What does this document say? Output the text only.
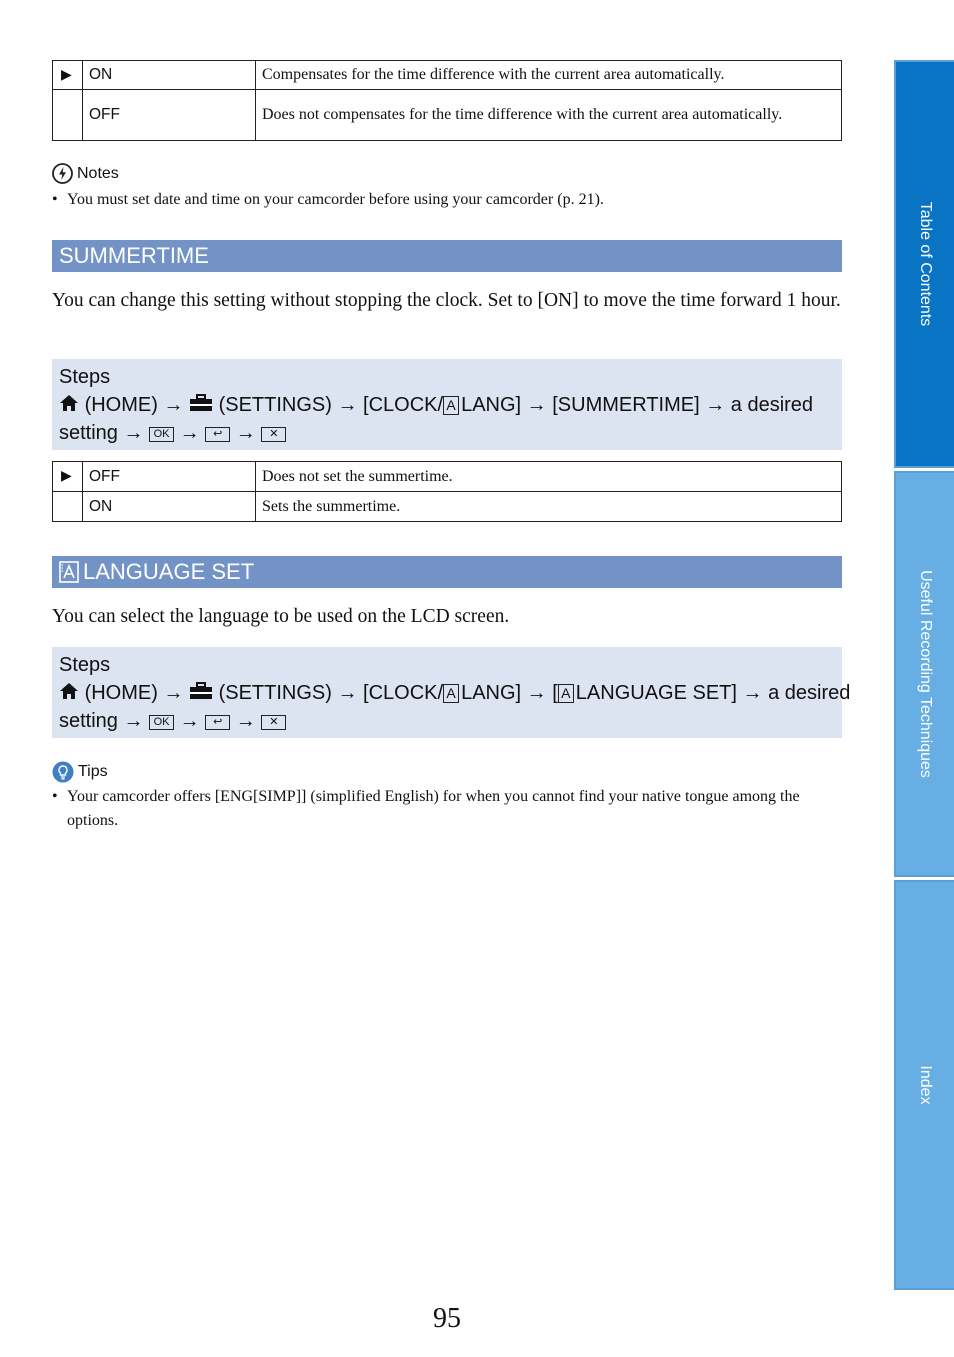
▶	ON	Compensates for the time difference with the current area automatically.
	OFF	Does not compensates for the time difference with the current area automatically.
Notes
• You must set date and time on your camcorder before using your camcorder (p. 21).
SUMMERTIME
You can change this setting without stopping the clock. Set to [ON] to move the time forward 1 hour.
Steps
(HOME) → (SETTINGS) → [CLOCK/ A LANG] → [SUMMERTIME] → a desired
setting → OK → ↩ → ✕
▶	OFF	Does not set the summertime.
	ON	Sets the summertime.
LANGUAGE SET
You can select the language to be used on the LCD screen.
Steps
(HOME) → (SETTINGS) → [CLOCK/ A LANG] → [ A LANGUAGE SET] → a desired
setting → OK → ↩ → ✕
Tips
• Your camcorder offers [ENG[SIMP]] (simplified English) for when you cannot find your native tongue among the options.
Table of Contents
Useful Recording Techniques
Index
95
